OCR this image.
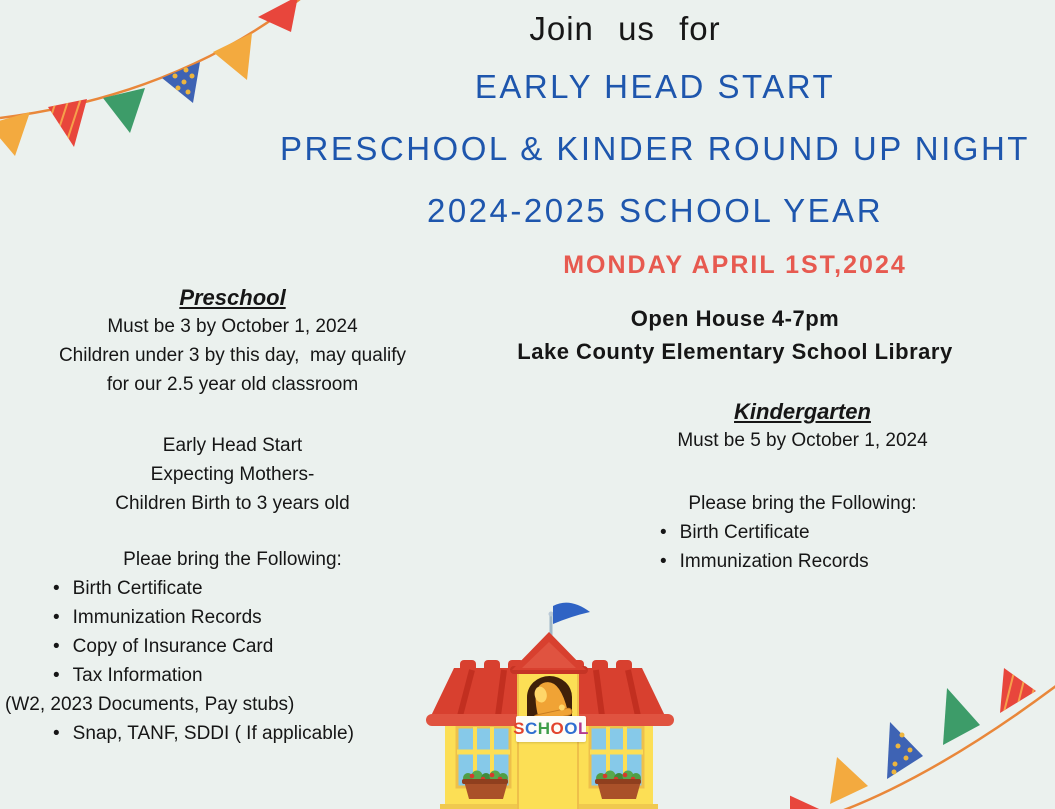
Join us for
EARLY HEAD START
PRESCHOOL & KINDER ROUND UP NIGHT
2024-2025 SCHOOL YEAR
MONDAY APRIL 1ST,2024
Open House 4-7pm
Lake County Elementary School Library
Preschool
Must be 3 by October 1, 2024
Children under 3 by this day,  may qualify
for our 2.5 year old classroom
Early Head Start
Expecting Mothers-
Children Birth to 3 years old
Pleae bring the Following:
• Birth Certificate
• Immunization Records
• Copy of Insurance Card
• Tax Information
(W2, 2023 Documents, Pay stubs)
• Snap, TANF, SDDI ( If applicable)
Kindergarten
Must be 5 by October 1, 2024
Please bring the Following:
• Birth Certificate
• Immunization Records
S C H O O L
